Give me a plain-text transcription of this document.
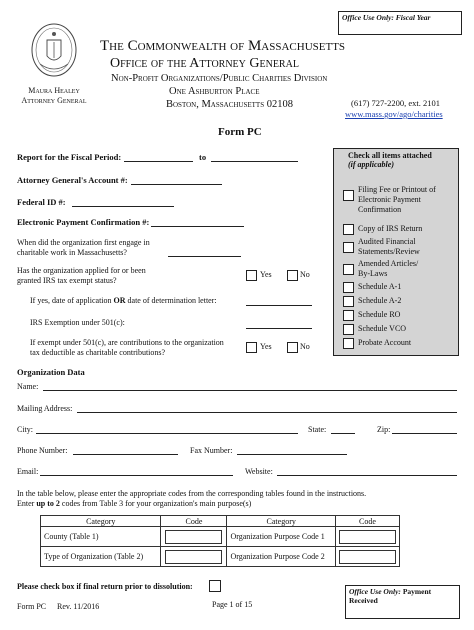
Office Use Only: Fiscal Year
Maura Healey
Attorney General
The Commonwealth of Massachusetts
Office of the Attorney General
Non-Profit Organizations/Public Charities Division
One Ashburton Place
Boston, Massachusetts 02108	(617) 727-2200, ext. 2101
www.mass.gov/ago/charities
Form PC
Report for the Fiscal Period:	to
Attorney General's Account #:
Federal ID #:
Electronic Payment Confirmation #:
When did the organization first engage in
charitable work in Massachusetts?
Has the organization applied for or been
granted IRS tax exempt status?
Yes	No
If yes, date of application OR date of determination letter:
IRS Exemption under 501(c):
If exempt under 501(c), are contributions to the organization
tax deductible as charitable contributions?
Yes	No
Check all items attached
(if applicable)
Filing Fee or Printout of Electronic Payment Confirmation
Copy of IRS Return
Audited Financial Statements/Review
Amended Articles/ By-Laws
Schedule A-1
Schedule A-2
Schedule RO
Schedule VCO
Probate Account
Organization Data
Name:
Mailing Address:
City:	State:	Zip:
Phone Number:	Fax Number:
Email:	Website:
In the table below, please enter the appropriate codes from the corresponding tables found in the instructions.
Enter up to 2 codes from Table 3 for your organization's main purpose(s)
Category	Code	Category	Code
County (Table 1)		Organization Purpose Code 1	

Type of Organization (Table 2)		Organization Purpose Code 2	
Please check box if final return prior to dissolution:
Office Use Only: Payment Received
Form PC Rev. 11/2016	Page 1 of 15
